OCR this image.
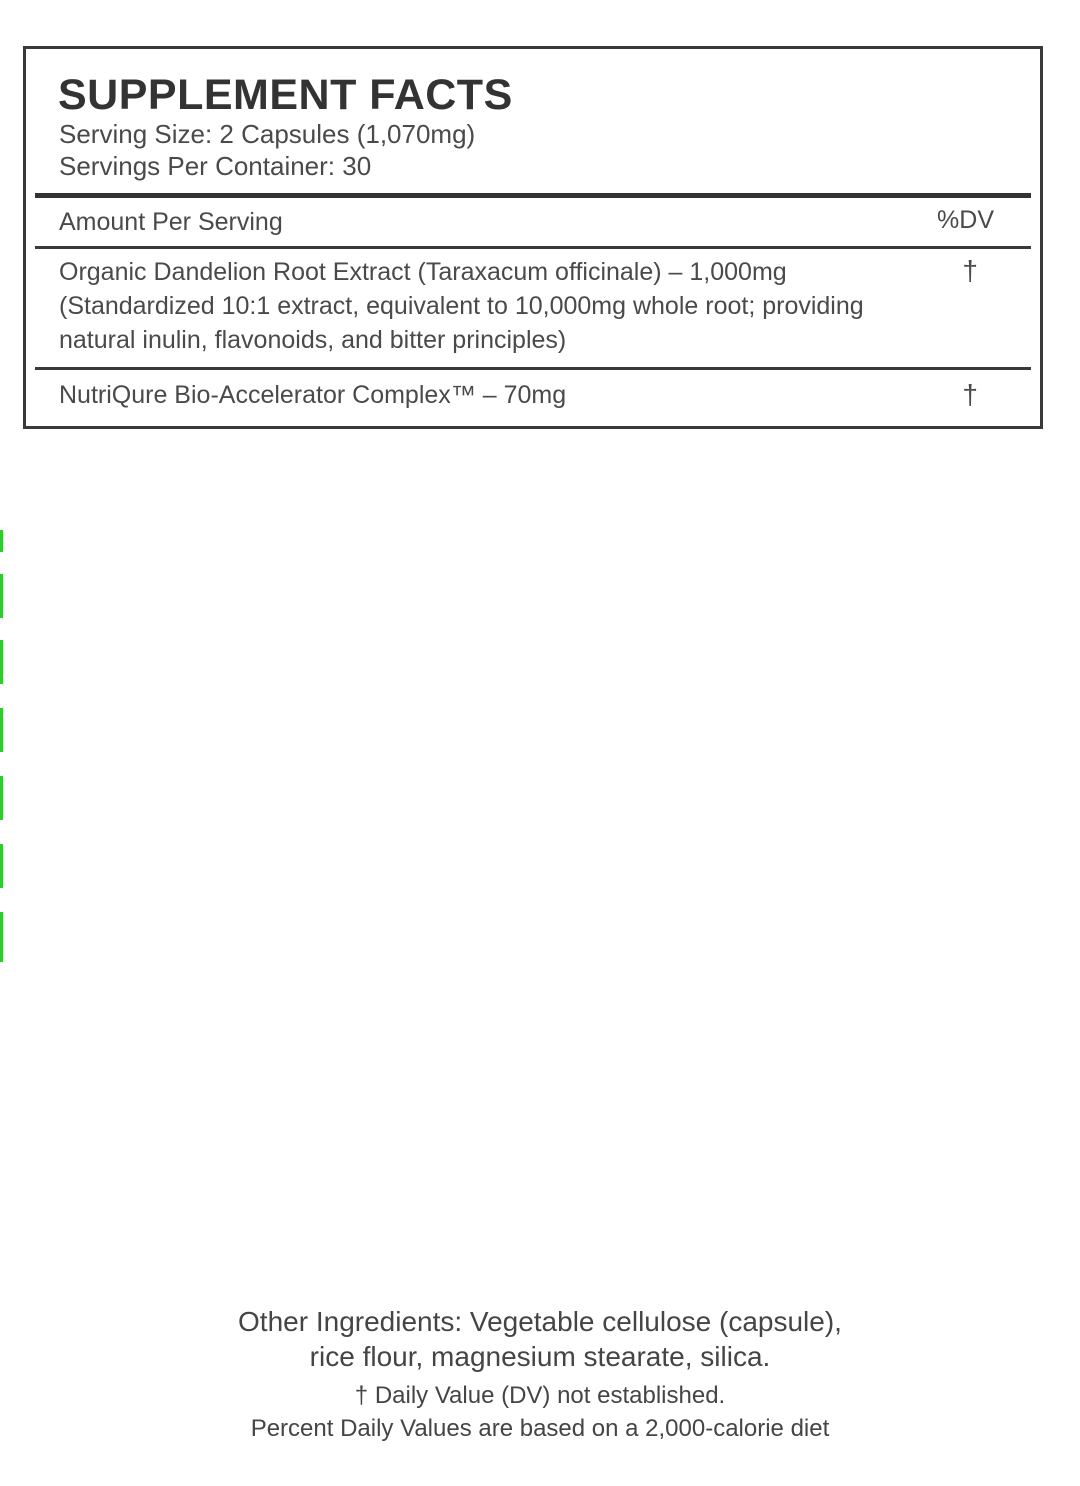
SUPPLEMENT FACTS
Serving Size: 2 Capsules (1,070mg)
Servings Per Container: 30
Amount Per Serving	%DV
Organic Dandelion Root Extract (Taraxacum officinale) – 1,000mg
(Standardized 10:1 extract, equivalent to 10,000mg whole root; providing
natural inulin, flavonoids, and bitter principles)
†
NutriQure Bio-Accelerator Complex™ – 70mg	†
Other Ingredients: Vegetable cellulose (capsule),
rice flour, magnesium stearate, silica.
† Daily Value (DV) not established.
Percent Daily Values are based on a 2,000-calorie diet
